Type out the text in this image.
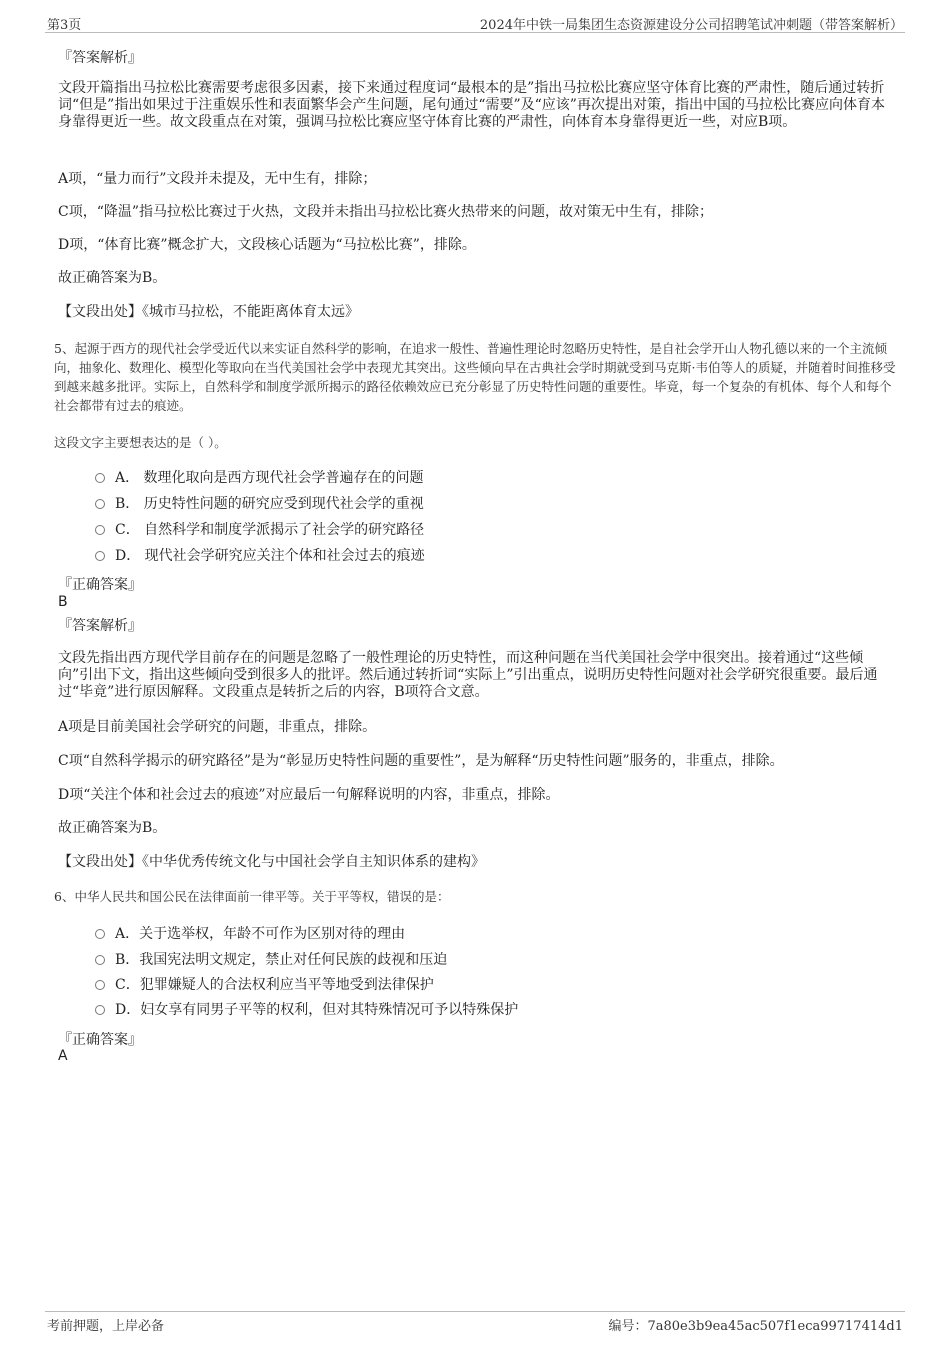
第3页	2024年中铁一局集团生态资源建设分公司招聘笔试冲刺题（带答案解析）
『答案解析』
文段开篇指出马拉松比赛需要考虑很多因素，接下来通过程度词“最根本的是”指出马拉松比赛应坚守体育比赛的严肃性，随后通过转折词“但是”指出如果过于注重娱乐性和表面繁华会产生问题，尾句通过“需要”及“应该”再次提出对策，指出中国的马拉松比赛应向体育本身靠得更近一些。故文段重点在对策，强调马拉松比赛应坚守体育比赛的严肃性，向体育本身靠得更近一些，对应B项。
A项，“量力而行”文段并未提及，无中生有，排除；
C项，“降温”指马拉松比赛过于火热，文段并未指出马拉松比赛火热带来的问题，故对策无中生有，排除；
D项，“体育比赛”概念扩大，文段核心话题为“马拉松比赛”，排除。
故正确答案为B。
【文段出处】《城市马拉松，不能距离体育太远》
5、起源于西方的现代社会学受近代以来实证自然科学的影响，在追求一般性、普遍性理论时忽略历史特性，是自社会学开山人物孔德以来的一个主流倾向，抽象化、数理化、模型化等取向在当代美国社会学中表现尤其突出。这些倾向早在古典社会学时期就受到马克斯·韦伯等人的质疑，并随着时间推移受到越来越多批评。实际上，自然科学和制度学派所揭示的路径依赖效应已充分彰显了历史特性问题的重要性。毕竟，每一个复杂的有机体、每个人和每个社会都带有过去的痕迹。
这段文字主要想表达的是（ ）。
A． 数理化取向是西方现代社会学普遍存在的问题
B． 历史特性问题的研究应受到现代社会学的重视
C． 自然科学和制度学派揭示了社会学的研究路径
D． 现代社会学研究应关注个体和社会过去的痕迹
『正确答案』
B
『答案解析』
文段先指出西方现代学目前存在的问题是忽略了一般性理论的历史特性，而这种问题在当代美国社会学中很突出。接着通过“这些倾向”引出下文，指出这些倾向受到很多人的批评。然后通过转折词“实际上”引出重点，说明历史特性问题对社会学研究很重要。最后通过“毕竟”进行原因解释。文段重点是转折之后的内容，B项符合文意。
A项是目前美国社会学研究的问题，非重点，排除。
C项“自然科学揭示的研究路径”是为“彰显历史特性问题的重要性”，是为解释“历史特性问题”服务的，非重点，排除。
D项“关注个体和社会过去的痕迹”对应最后一句解释说明的内容，非重点，排除。
故正确答案为B。
【文段出处】《中华优秀传统文化与中国社会学自主知识体系的建构》
6、中华人民共和国公民在法律面前一律平等。关于平等权，错误的是：
A．关于选举权，年龄不可作为区别对待的理由
B．我国宪法明文规定，禁止对任何民族的歧视和压迫
C．犯罪嫌疑人的合法权利应当平等地受到法律保护
D．妇女享有同男子平等的权利，但对其特殊情况可予以特殊保护
『正确答案』
A
考前押题，上岸必备	编号：7a80e3b9ea45ac507f1eca99717414d1
